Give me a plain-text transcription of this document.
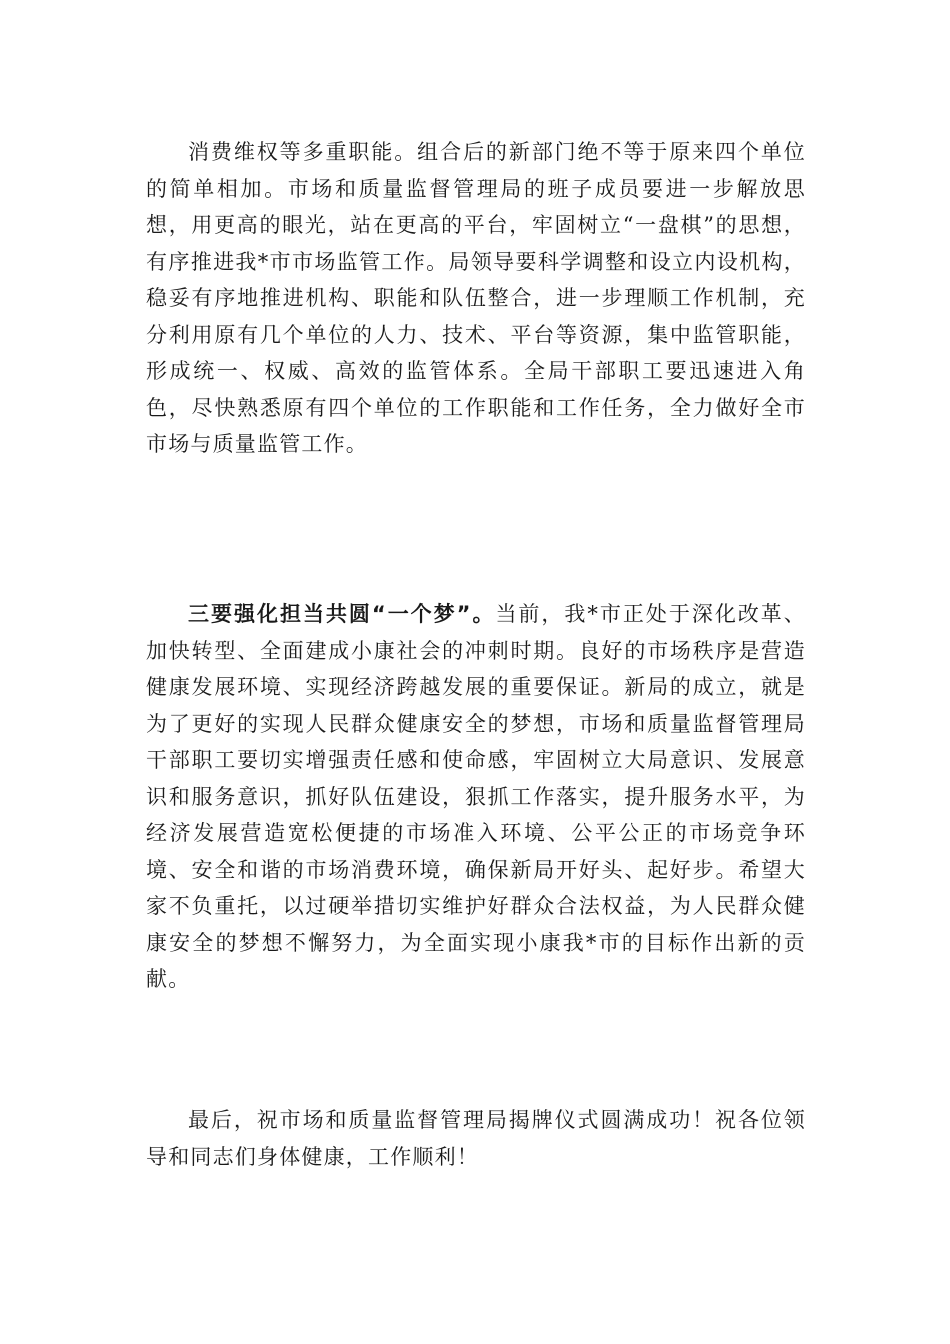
消费维权等多重职能。组合后的新部门绝不等于原来四个单位的简单相加。市场和质量监督管理局的班子成员要进一步解放思想，用更高的眼光，站在更高的平台，牢固树立“一盘棋”的思想，有序推进我*市市场监管工作。局领导要科学调整和设立内设机构，稳妥有序地推进机构、职能和队伍整合，进一步理顺工作机制，充分利用原有几个单位的人力、技术、平台等资源，集中监管职能，形成统一、权威、高效的监管体系。全局干部职工要迅速进入角色，尽快熟悉原有四个单位的工作职能和工作任务，全力做好全市市场与质量监管工作。

三要强化担当共圆“一个梦”。当前，我*市正处于深化改革、加快转型、全面建成小康社会的冲刺时期。良好的市场秩序是营造健康发展环境、实现经济跨越发展的重要保证。新局的成立，就是为了更好的实现人民群众健康安全的梦想，市场和质量监督管理局干部职工要切实增强责任感和使命感，牢固树立大局意识、发展意识和服务意识，抓好队伍建设，狠抓工作落实，提升服务水平，为经济发展营造宽松便捷的市场准入环境、公平公正的市场竞争环境、安全和谐的市场消费环境，确保新局开好头、起好步。希望大家不负重托，以过硬举措切实维护好群众合法权益，为人民群众健康安全的梦想不懈努力，为全面实现小康我*市的目标作出新的贡献。

最后，祝市场和质量监督管理局揭牌仪式圆满成功！祝各位领导和同志们身体健康，工作顺利！
